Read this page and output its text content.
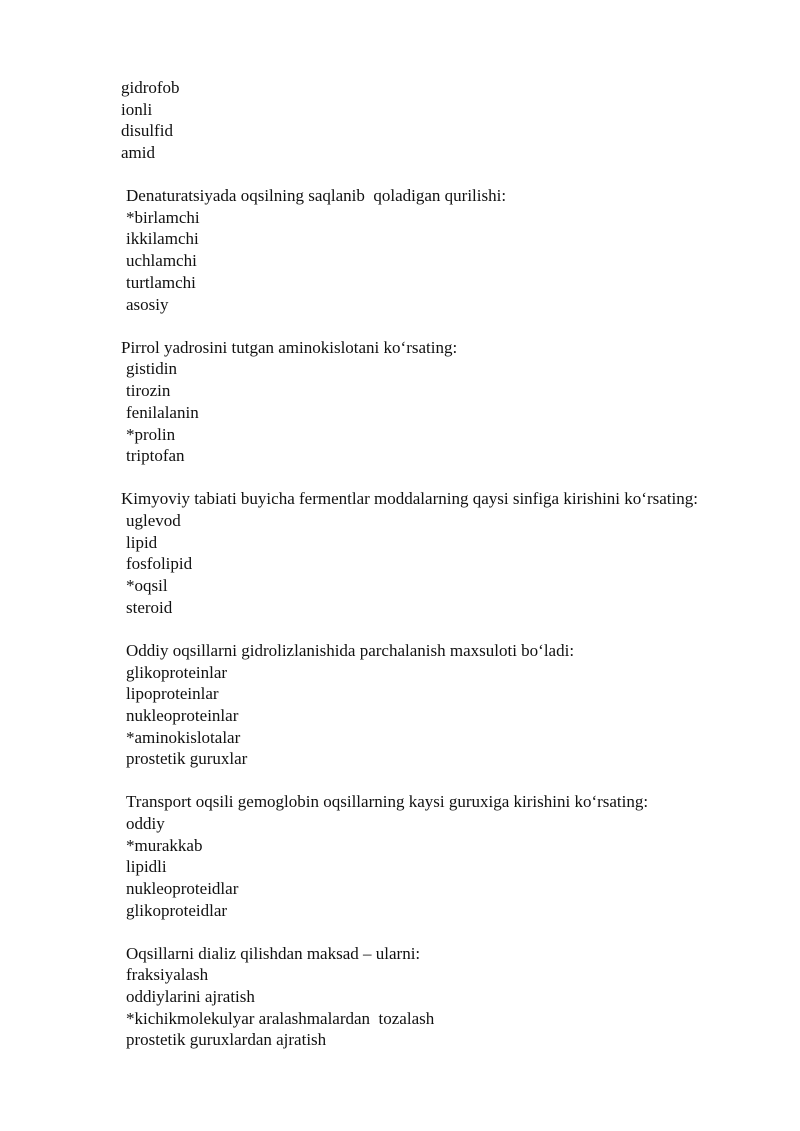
gidrofob
ionli
disulfid
amid
Denaturatsiyada oqsilning saqlanib  qoladigan qurilishi:
*birlamchi
ikkilamchi
uchlamchi
turtlamchi
asosiy
Pirrol yadrosini tutgan aminokislotani koʻrsating:
gistidin
tirozin
fenilalanin
*prolin
triptofan
Kimyoviy tabiati buyicha fermentlar moddalarning qaysi sinfiga kirishini koʻrsating:
uglevod
lipid
fosfolipid
*oqsil
steroid
Oddiy oqsillarni gidrolizlanishida parchalanish maxsuloti boʻladi:
glikoproteinlar
lipoproteinlar
nukleoproteinlar
*aminokislotalar
prostetik guruxlar
Transport oqsili gemoglobin oqsillarning kaysi guruxiga kirishini koʻrsating:
oddiy
*murakkab
lipidli
nukleoproteidlar
glikoproteidlar
Oqsillarni dializ qilishdan maksad – ularni:
fraksiyalash
oddiylarini ajratish
*kichikmolekulyar aralashmalardan  tozalash
prostetik guruxlardan ajratish
